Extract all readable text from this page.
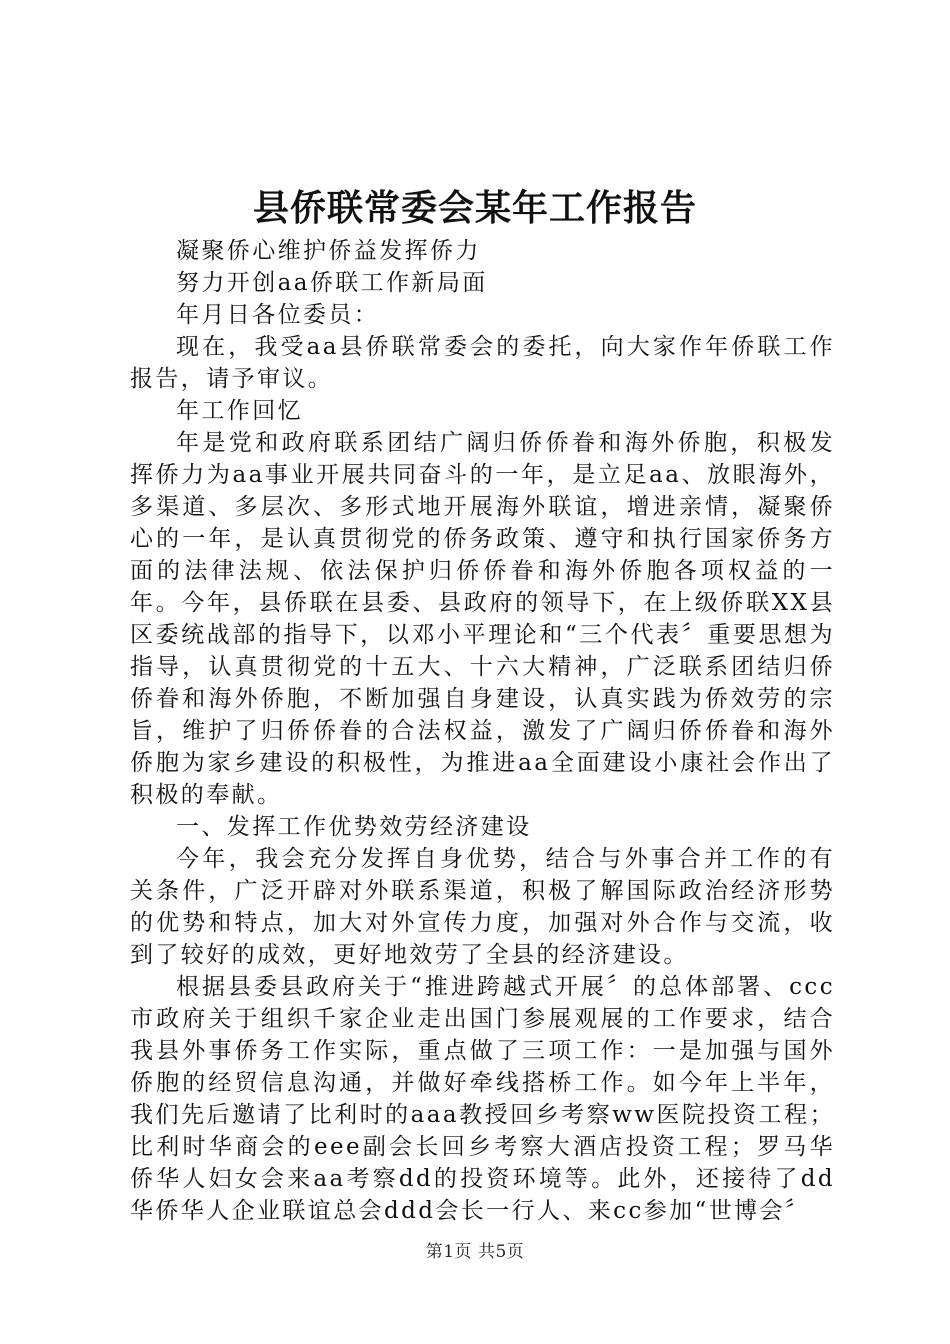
县侨联常委会某年工作报告

凝聚侨心维护侨益发挥侨力

努力开创aa侨联工作新局面

年月日各位委员：

现在，我受aa县侨联常委会的委托，向大家作年侨联工作报告，请予审议。

年工作回忆

年是党和政府联系团结广阔归侨侨眷和海外侨胞，积极发挥侨力为aa事业开展共同奋斗的一年，是立足aa、放眼海外，多渠道、多层次、多形式地开展海外联谊，增进亲情，凝聚侨心的一年，是认真贯彻党的侨务政策、遵守和执行国家侨务方面的法律法规、依法保护归侨侨眷和海外侨胞各项权益的一年。今年，县侨联在县委、县政府的领导下，在上级侨联XX县区委统战部的指导下，以邓小平理论和“三个代表〞重要思想为指导，认真贯彻党的十五大、十六大精神，广泛联系团结归侨侨眷和海外侨胞，不断加强自身建设，认真实践为侨效劳的宗旨，维护了归侨侨眷的合法权益，激发了广阔归侨侨眷和海外侨胞为家乡建设的积极性，为推进aa全面建设小康社会作出了积极的奉献。

一、发挥工作优势效劳经济建设

今年，我会充分发挥自身优势，结合与外事合并工作的有关条件，广泛开辟对外联系渠道，积极了解国际政治经济形势的优势和特点，加大对外宣传力度，加强对外合作与交流，收到了较好的成效，更好地效劳了全县的经济建设。

根据县委县政府关于“推进跨越式开展〞的总体部署、ccc市政府关于组织千家企业走出国门参展观展的工作要求，结合我县外事侨务工作实际，重点做了三项工作：一是加强与国外侨胞的经贸信息沟通，并做好牵线搭桥工作。如今年上半年，我们先后邀请了比利时的aaa教授回乡考察ww医院投资工程；比利时华商会的eee副会长回乡考察大酒店投资工程；罗马华侨华人妇女会来aa考察dd的投资环境等。此外，还接待了dd华侨华人企业联谊总会ddd会长一行人、来cc参加“世博会〞

第1页 共5页
